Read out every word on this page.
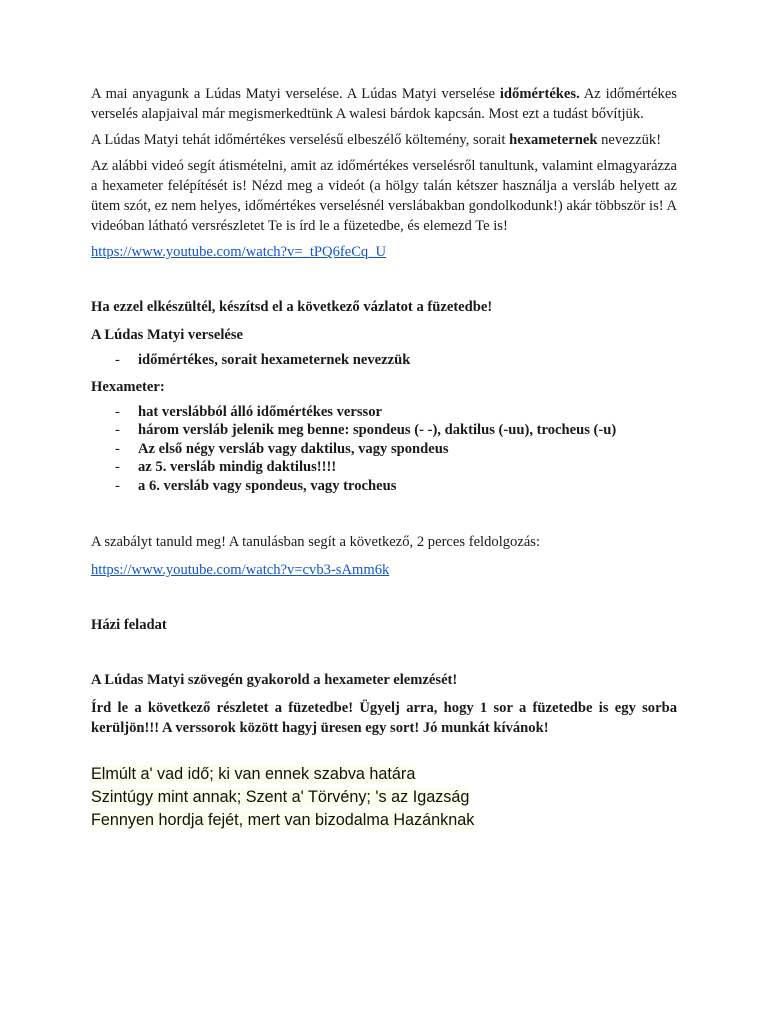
A mai anyagunk a Lúdas Matyi verselése. A Lúdas Matyi verselése időmértékes. Az időmértékes verselés alapjaival már megismerkedtünk A walesi bárdok kapcsán. Most ezt a tudást bővítjük.

A Lúdas Matyi tehát időmértékes verselésű elbeszélő költemény, sorait hexameternek nevezzük!

Az alábbi videó segít átismételni, amit az időmértékes verselésről tanultunk, valamint elmagyarázza a hexameter felépítését is! Nézd meg a videót (a hölgy talán kétszer használja a versláb helyett az ütem szót, ez nem helyes, időmértékes verselésnél verslábakban gondolkodunk!) akár többször is! A videóban látható versrészletet Te is írd le a füzetedbe, és elemezd Te is!

https://www.youtube.com/watch?v=_tPQ6feCq_U

Ha ezzel elkészültél, készítsd el a következő vázlatot a füzetedbe!

A Lúdas Matyi verselése

- időmértékes, sorait hexameternek nevezzük

Hexameter:

- hat verslábból álló időmértékes verssor
- három versláb jelenik meg benne: spondeus (- -), daktilus (-uu), trocheus (-u)
- Az első négy versláb vagy daktilus, vagy spondeus
- az 5. versláb mindig daktilus!!!!
- a 6. versláb vagy spondeus, vagy trocheus

A szabályt tanuld meg! A tanulásban segít a következő, 2 perces feldolgozás:

https://www.youtube.com/watch?v=cvb3-sAmm6k

Házi feladat

A Lúdas Matyi szövegén gyakorold a hexameter elemzését!

Írd le a következő részletet a füzetedbe! Ügyelj arra, hogy 1 sor a füzetedbe is egy sorba kerüljön!!! A verssorok között hagyj üresen egy sort! Jó munkát kívánok!

Elmúlt a' vad idő; ki van ennek szabva határa
Szintúgy mint annak; Szent a' Törvény; 's az Igazság
Fennyen hordja fejét, mert van bizodalma Hazánknak
